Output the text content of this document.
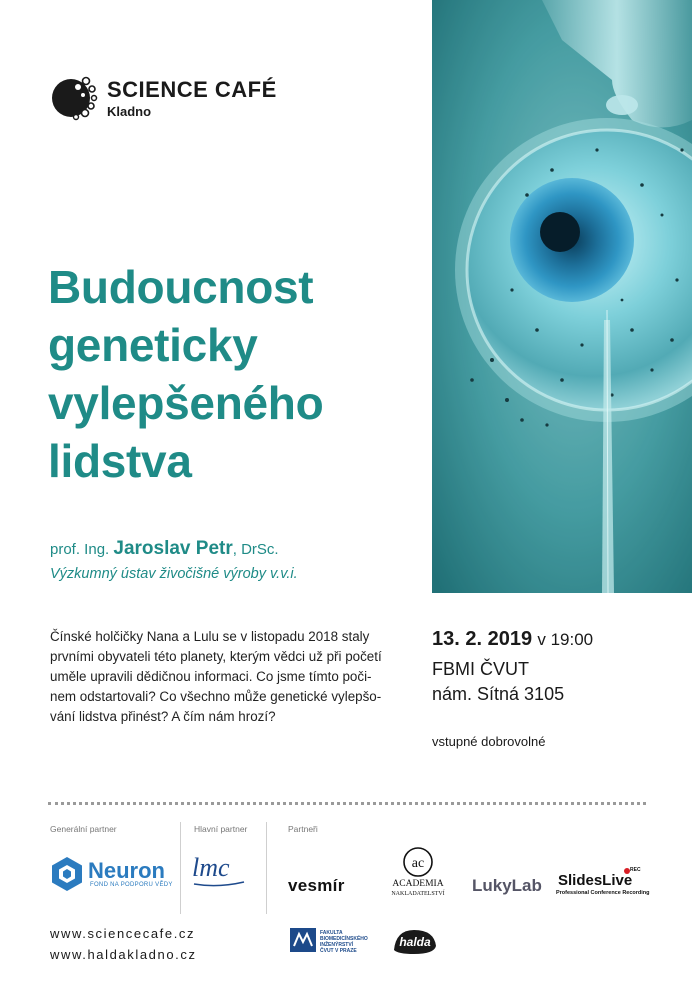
SCIENCE CAFÉ
Kladno
Budoucnost
geneticky
vylepšeného
lidstva
prof. Ing. Jaroslav Petr, DrSc.
Výzkumný ústav živočišné výroby v.v.i.
Čínské holčičky Nana a Lulu se v listopadu 2018 staly
prvními obyvateli této planety, kterým vědci už při početí
uměle upravili dědičnou informaci. Co jsme tímto poči-
nem odstartovali? Co všechno může genetické vylepšo-
vání lidstva přinést? A čím nám hrozí?
13. 2. 2019 v 19:00
FBMI ČVUT
nám. Sítná 3105
vstupné dobrovolné
Generální partner	Hlavní partner	Partneři
Neuron
FOND NA PODPORU VĚDY
lmc
vesmír
ac
ACADEMIA
NAKLADATELSTVÍ	LukyLab
REC
SlidesLive
Professional Conference Recording
FAKULTA
BIOMEDICÍNSKÉHO
INŽENÝRSTVÍ
ČVUT V PRAZE
halda
www.sciencecafe.cz
www.haldakladno.cz
